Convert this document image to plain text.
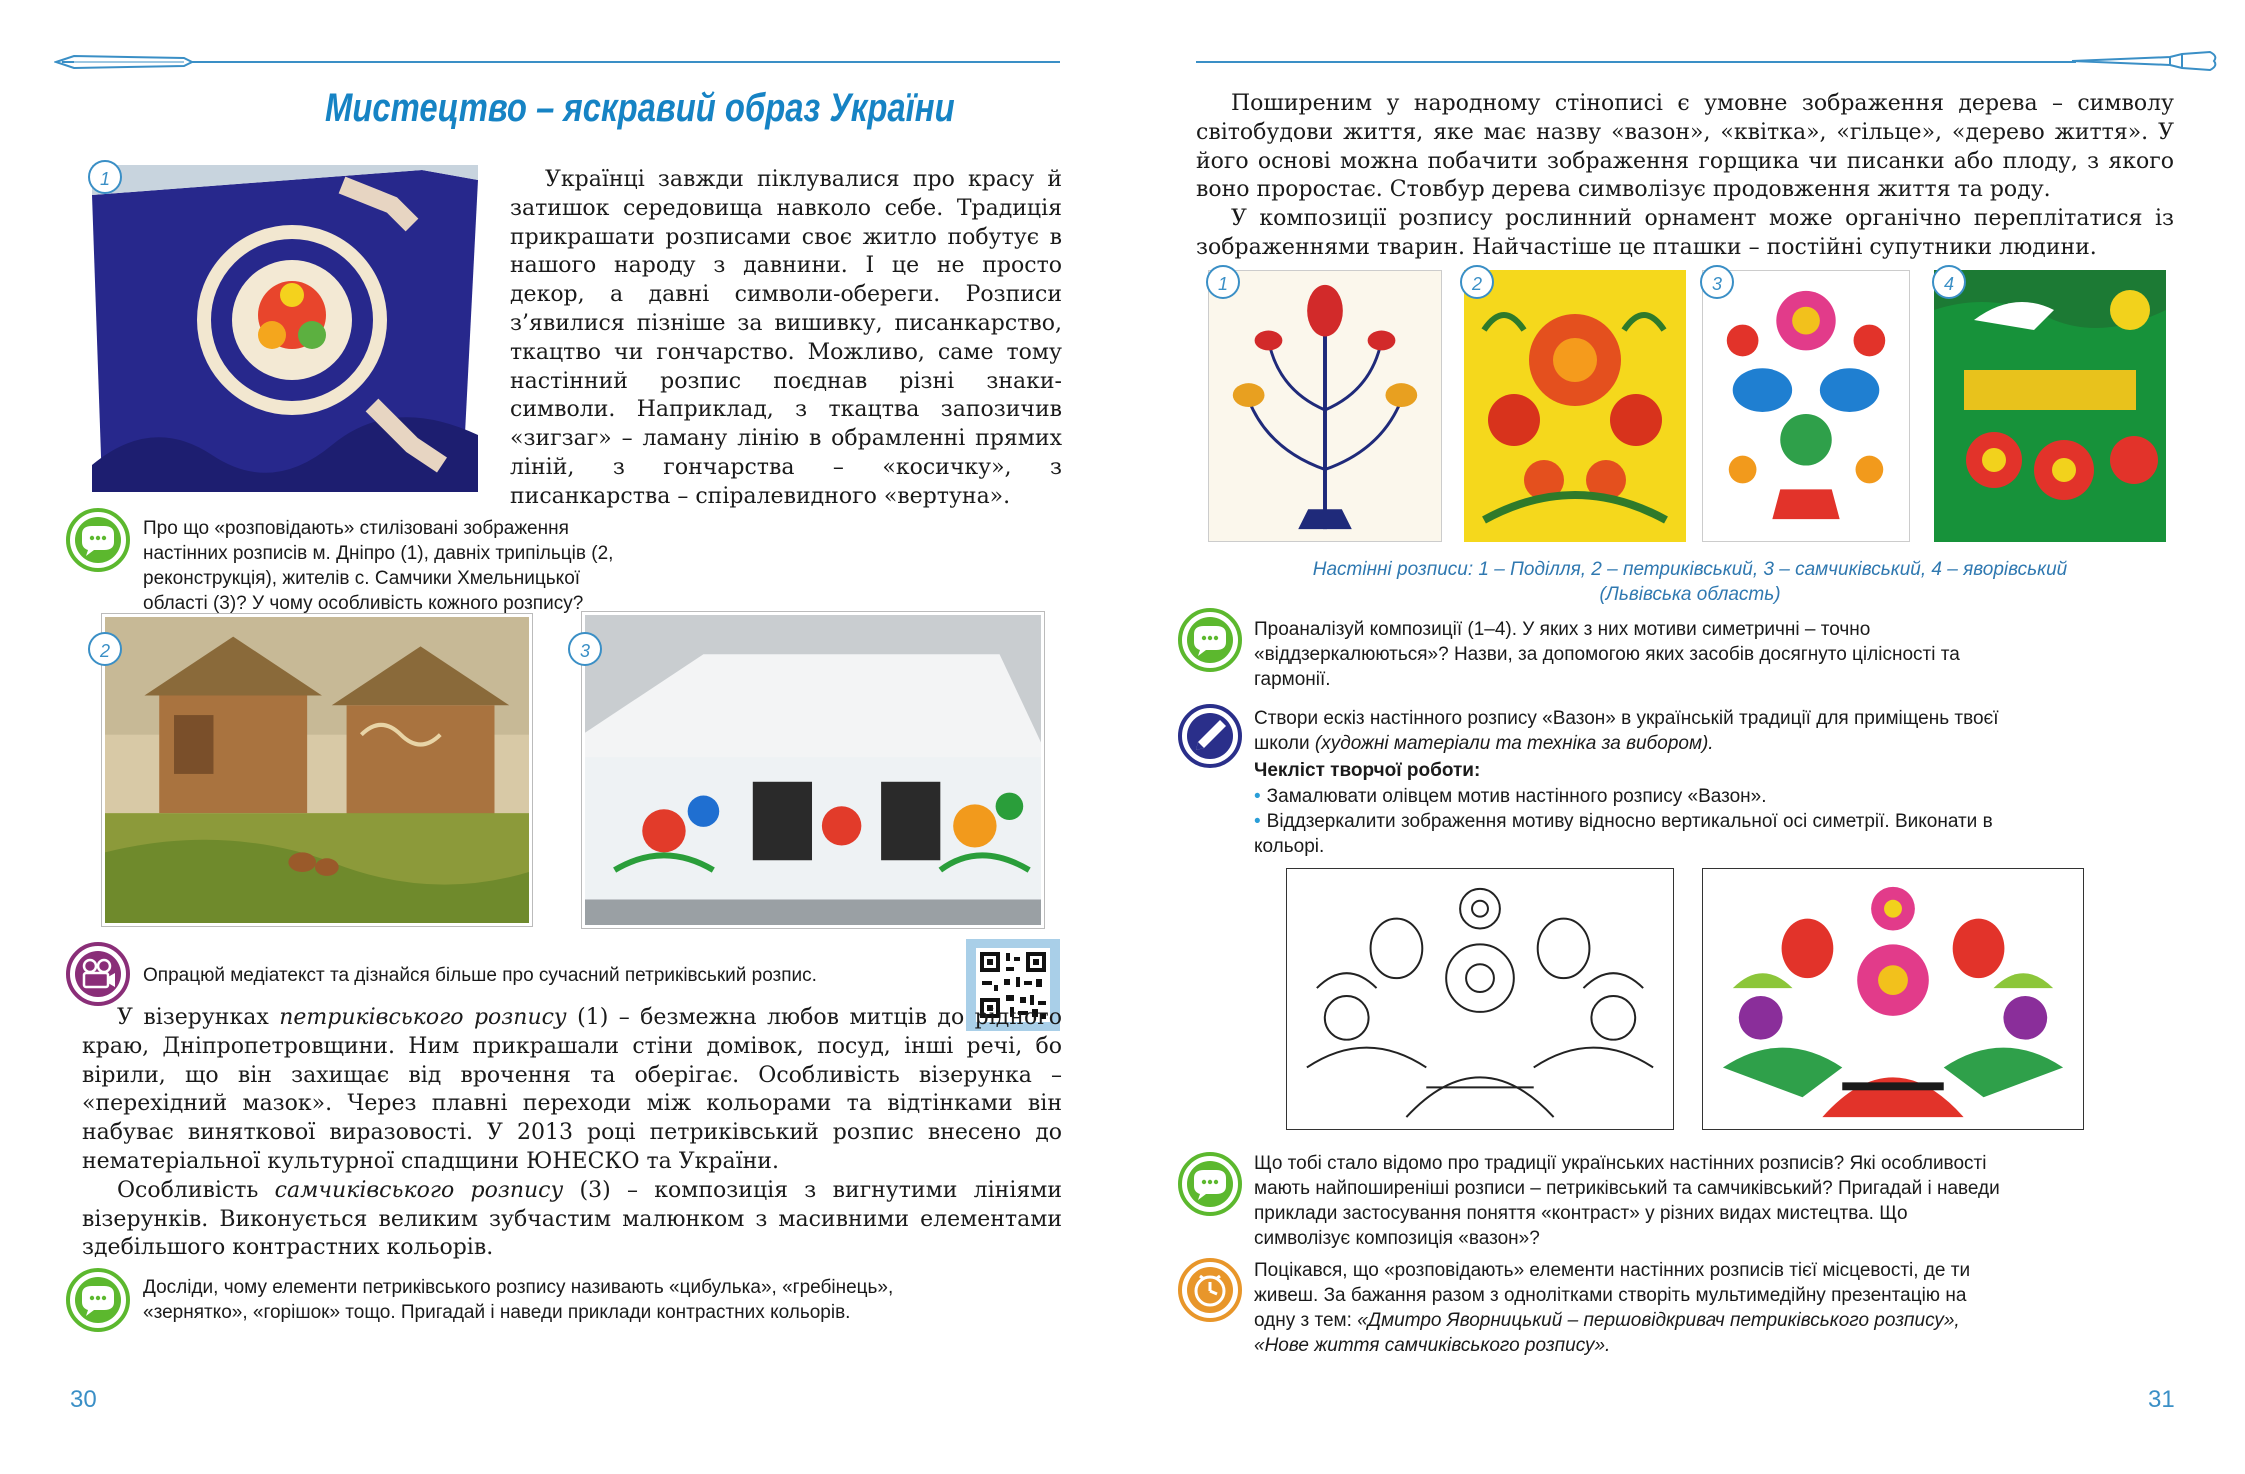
Мистецтво – яскравий образ України
1	Українці завжди піклувалися про красу й затишок середовища навколо себе. Традиція прикрашати розписами своє житло побутує в нашого народу з давнини. І це не просто декор, а давні символи-обереги. Розписи з’явилися пізніше за вишивку, писанкарство, ткацтво чи гончарство. Можливо, саме тому настінний розпис поєднав різні знаки-символи. Наприклад, з ткацтва запозичив «зигзаг» – ламану лінію в обрамленні прямих ліній, з гончарства – «косичку», з писанкарства – спіралевидного «вертуна».
Про що «розповідають» стилізовані зображення настінних розписів м. Дніпро (1), давніх трипільців (2, реконструкція), жителів с. Самчики Хмельницької області (3)? У чому особливість кожного розпису?
2	3
Опрацюй медіатекст та дізнайся більше про сучасний петриківський розпис.

У візерунках петриківського розпису (1) – безмежна любов митців до рідного краю, Дніпропетровщини. Ним прикрашали стіни домівок, посуд, інші речі, бо вірили, що він захищає від врочення та оберігає. Особливість візерунка – «перехідний мазок». Через плавні переходи між кольорами та відтінками він набуває виняткової виразовості. У 2013 році петриківський розпис внесено до нематеріальної культурної спадщини ЮНЕСКО та України.

Особливість самчиківського розпису (3) – композиція з вигнутими лініями візерунків. Виконується великим зубчастим малюнком з масивними елементами здебільшого контрастних кольорів.

Досліди, чому елементи петриківського розпису називають «цибулька», «гребінець», «зернятко», «горішок» тощо. Пригадай і наведи приклади контрастних кольорів.
30

Поширеним у народному стінописі є умовне зображення дерева – символу світобудови життя, яке має назву «вазон», «квітка», «гільце», «дерево життя». У його основі можна побачити зображення горщика чи писанки або плоду, з якого воно проростає. Стовбур дерева символізує продовження життя та роду.

У композиції розпису рослинний орнамент може органічно переплітатися із зображеннями тварин. Найчастіше це пташки – постійні супутники людини.

1	2	3	4
Настінні розписи: 1 – Поділля, 2 – петриківський, 3 – самчиківський, 4 – яворівський (Львівська область)
Проаналізуй композиції (1–4). У яких з них мотиви симетричні – точно «віддзеркалюються»? Назви, за допомогою яких засобів досягнуто цілісності та гармонії.
Створи ескіз настінного розпису «Вазон» в українській традиції для приміщень твоєї школи (художні матеріали та техніка за вибором).
Чекліст творчої роботи:
• Замалювати олівцем мотив настінного розпису «Вазон».
• Віддзеркалити зображення мотиву відносно вертикальної осі симетрії. Виконати в кольорі.
Що тобі стало відомо про традиції українських настінних розписів? Які особливості мають найпоширеніші розписи – петриківський та самчиківський? Пригадай і наведи приклади застосування поняття «контраст» у різних видах мистецтва. Що символізує композиція «вазон»?
Поцікався, що «розповідають» елементи настінних розписів тієї місцевості, де ти живеш. За бажання разом з однолітками створіть мультимедійну презентацію на одну з тем: «Дмитро Яворницький – першовідкривач петриківського розпису», «Нове життя самчиківського розпису».
31
